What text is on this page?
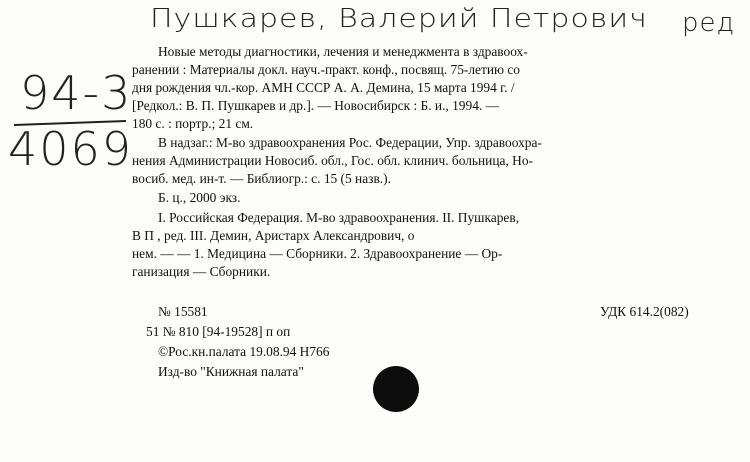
Пушкарев, Валерий Петрович ред
94-3
4069
Новые методы диагностики, лечения и менеджмента в здравоох-
ранении : Материалы докл. науч.-практ. конф., посвящ. 75-летию со
дня рождения чл.-кор. АМН СССР А. А. Демина, 15 марта 1994 г. /
[Редкол.: В. П. Пушкарев и др.]. — Новосибирск : Б. и., 1994. —
180 с. : портр.; 21 см.
В надзаг.: М-во здравоохранения Рос. Федерации, Упр. здравоохра-
нения Администрации Новосиб. обл., Гос. обл. клинич. больница, Но-
восиб. мед. ин-т. — Библиогр.: с. 15 (5 назв.).
Б. ц., 2000 экз.
I. Российская Федерация. М-во здравоохранения. II. Пушкарев,
В П , ред. III. Демин, Аристарх Александрович, о
нем. — — 1. Медицина — Сборники. 2. Здравоохранение — Ор-
ганизация — Сборники.
№ 15581	УДК 614.2(082)
51 № 810 [94-19528] п оп
©Рос.кн.палата 19.08.94 Н766
Изд-во "Книжная палата"
